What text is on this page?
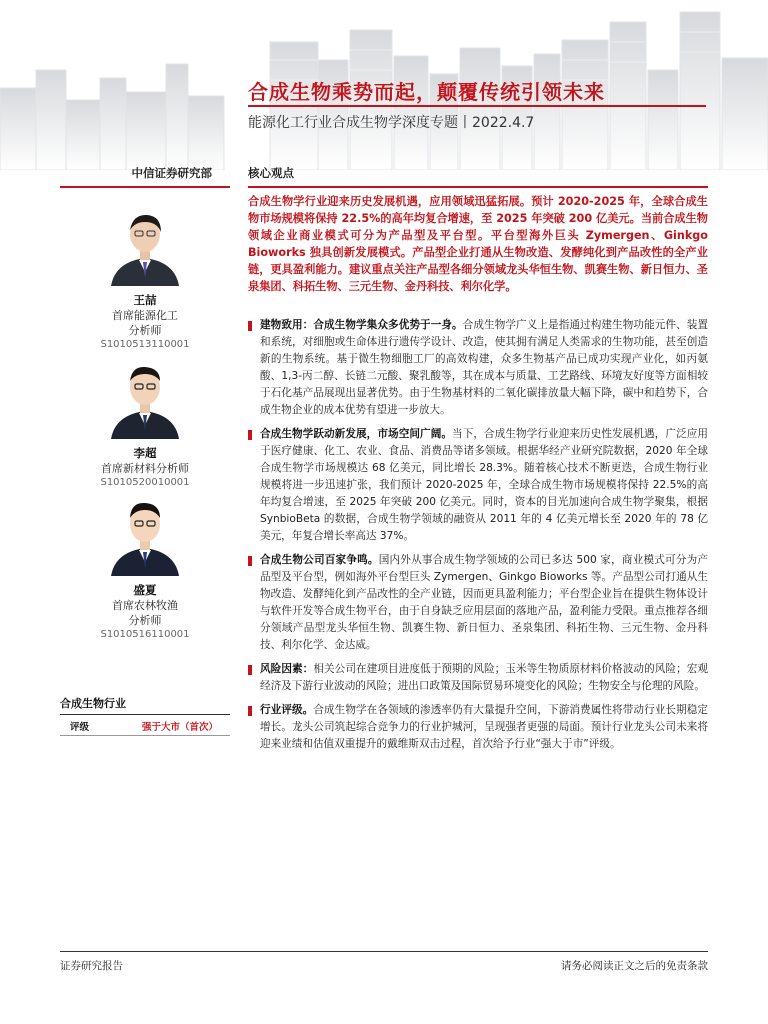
合成生物乘势而起，颠覆传统引领未来
能源化工行业合成生物学深度专题丨2022.4.7
中信证券研究部	核心观点
王喆
首席能源化工
分析师
S1010513110001
李超
首席新材料分析师
S1010520010001
盛夏
首席农林牧渔
分析师
S1010516110001
合成生物行业
评级	强于大市（首次）

合成生物学行业迎来历史发展机遇，应用领域迅猛拓展。预计 2020-2025 年，全球合成生物市场规模将保持 22.5%的高年均复合增速，至 2025 年突破 200 亿美元。当前合成生物领域企业商业模式可分为产品型及平台型。平台型海外巨头 Zymergen、Ginkgo Bioworks 独具创新发展模式。产品型企业打通从生物改造、发酵纯化到产品改性的全产业链，更具盈利能力。建议重点关注产品型各细分领域龙头华恒生物、凯赛生物、新日恒力、圣泉集团、科拓生物、三元生物、金丹科技、利尔化学。

建物致用：合成生物学集众多优势于一身。合成生物学广义上是指通过构建生物功能元件、装置和系统，对细胞或生命体进行遗传学设计、改造，使其拥有满足人类需求的生物功能，甚至创造新的生物系统。基于微生物细胞工厂的高效构建，众多生物基产品已成功实现产业化，如丙氨酸、1,3-丙二醇、长链二元酸、聚乳酸等，其在成本与质量、工艺路线、环境友好度等方面相较于石化基产品展现出显著优势。由于生物基材料的二氧化碳排放量大幅下降，碳中和趋势下，合成生物企业的成本优势有望进一步放大。
合成生物学跃动新发展，市场空间广阔。当下，合成生物学行业迎来历史性发展机遇，广泛应用于医疗健康、化工、农业、食品、消费品等诸多领域。根据华经产业研究院数据，2020 年全球合成生物学市场规模达 68 亿美元，同比增长 28.3%。随着核心技术不断更迭，合成生物行业规模将进一步迅速扩张，我们预计 2020-2025 年，全球合成生物市场规模将保持 22.5%的高年均复合增速，至 2025 年突破 200 亿美元。同时，资本的目光加速向合成生物学聚集，根据 SynbioBeta 的数据，合成生物学领域的融资从 2011 年的 4 亿美元增长至 2020 年的 78 亿美元，年复合增长率高达 37%。
合成生物公司百家争鸣。国内外从事合成生物学领域的公司已多达 500 家，商业模式可分为产品型及平台型，例如海外平台型巨头 Zymergen、Ginkgo Bioworks 等。产品型公司打通从生物改造、发酵纯化到产品改性的全产业链，因而更具盈利能力；平台型企业旨在提供生物体设计与软件开发等合成生物平台，由于自身缺乏应用层面的落地产品，盈利能力受限。重点推荐各细分领域产品型龙头华恒生物、凯赛生物、新日恒力、圣泉集团、科拓生物、三元生物、金丹科技、利尔化学、金达威。
风险因素：相关公司在建项目进度低于预期的风险；玉米等生物质原材料价格波动的风险；宏观经济及下游行业波动的风险；进出口政策及国际贸易环境变化的风险；生物安全与伦理的风险。
行业评级。合成生物学在各领域的渗透率仍有大量提升空间，下游消费属性将带动行业长期稳定增长。龙头公司筑起综合竞争力的行业护城河，呈现强者更强的局面。预计行业龙头公司未来将迎来业绩和估值双重提升的戴维斯双击过程，首次给予行业“强大于市”评级。
证券研究报告	请务必阅读正文之后的免责条款
